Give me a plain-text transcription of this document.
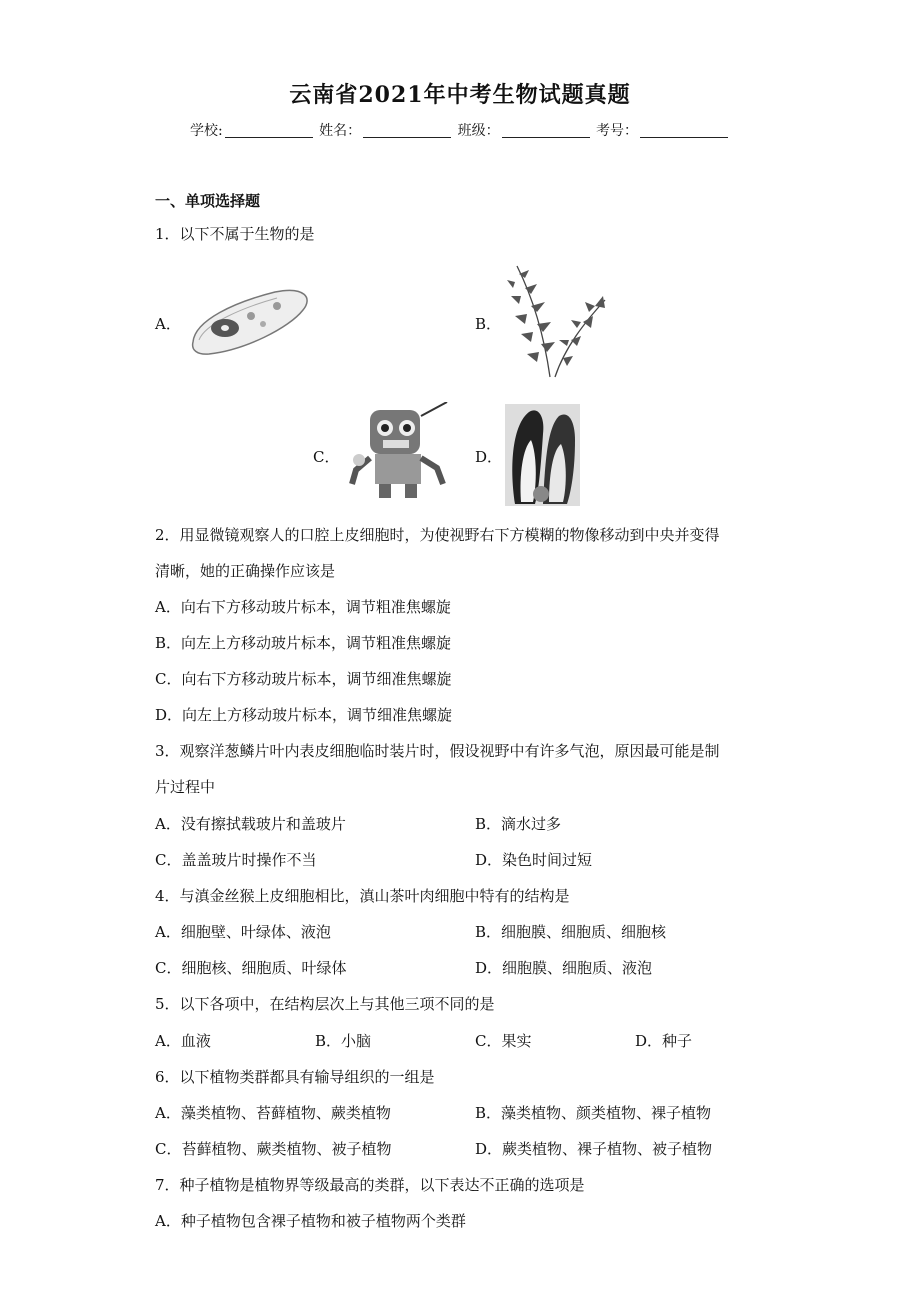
云南省2021年中考生物试题真题
学校:	姓名：	班级：	考号：
一、单项选择题
1．以下不属于生物的是
A．	B．
C．	D．
2．用显微镜观察人的口腔上皮细胞时，为使视野右下方模糊的物像移动到中央并变得
清晰，她的正确操作应该是
A．向右下方移动玻片标本，调节粗准焦螺旋
B．向左上方移动玻片标本，调节粗准焦螺旋
C．向右下方移动玻片标本，调节细准焦螺旋
D．向左上方移动玻片标本，调节细准焦螺旋
3．观察洋葱鳞片叶内表皮细胞临时装片时，假设视野中有许多气泡，原因最可能是制
片过程中
A．没有擦拭载玻片和盖玻片	B．滴水过多
C．盖盖玻片时操作不当	D．染色时间过短
4．与滇金丝猴上皮细胞相比，滇山茶叶肉细胞中特有的结构是
A．细胞壁、叶绿体、液泡	B．细胞膜、细胞质、细胞核
C．细胞核、细胞质、叶绿体	D．细胞膜、细胞质、液泡
5．以下各项中，在结构层次上与其他三项不同的是
A．血液	B．小脑	C．果实	D．种子
6．以下植物类群都具有输导组织的一组是
A．藻类植物、苔藓植物、蕨类植物	B．藻类植物、颜类植物、裸子植物
C．苔藓植物、蕨类植物、被子植物	D．蕨类植物、裸子植物、被子植物
7．种子植物是植物界等级最高的类群，以下表达不正确的选项是
A．种子植物包含裸子植物和被子植物两个类群
